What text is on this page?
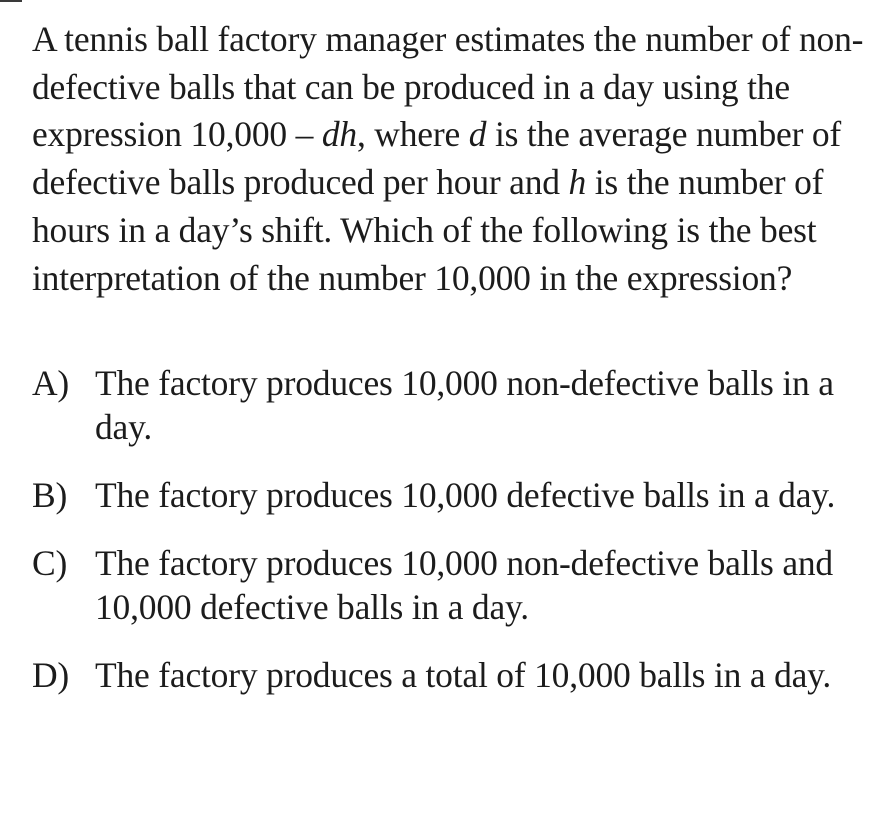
A tennis ball factory manager estimates the number of non-defective balls that can be produced in a day using the expression 10,000 – dh, where d is the average number of defective balls produced per hour and h is the number of hours in a day’s shift. Which of the following is the best interpretation of the number 10,000 in the expression?
A) The factory produces 10,000 non-defective balls in a day.
B) The factory produces 10,000 defective balls in a day.
C) The factory produces 10,000 non-defective balls and 10,000 defective balls in a day.
D) The factory produces a total of 10,000 balls in a day.
